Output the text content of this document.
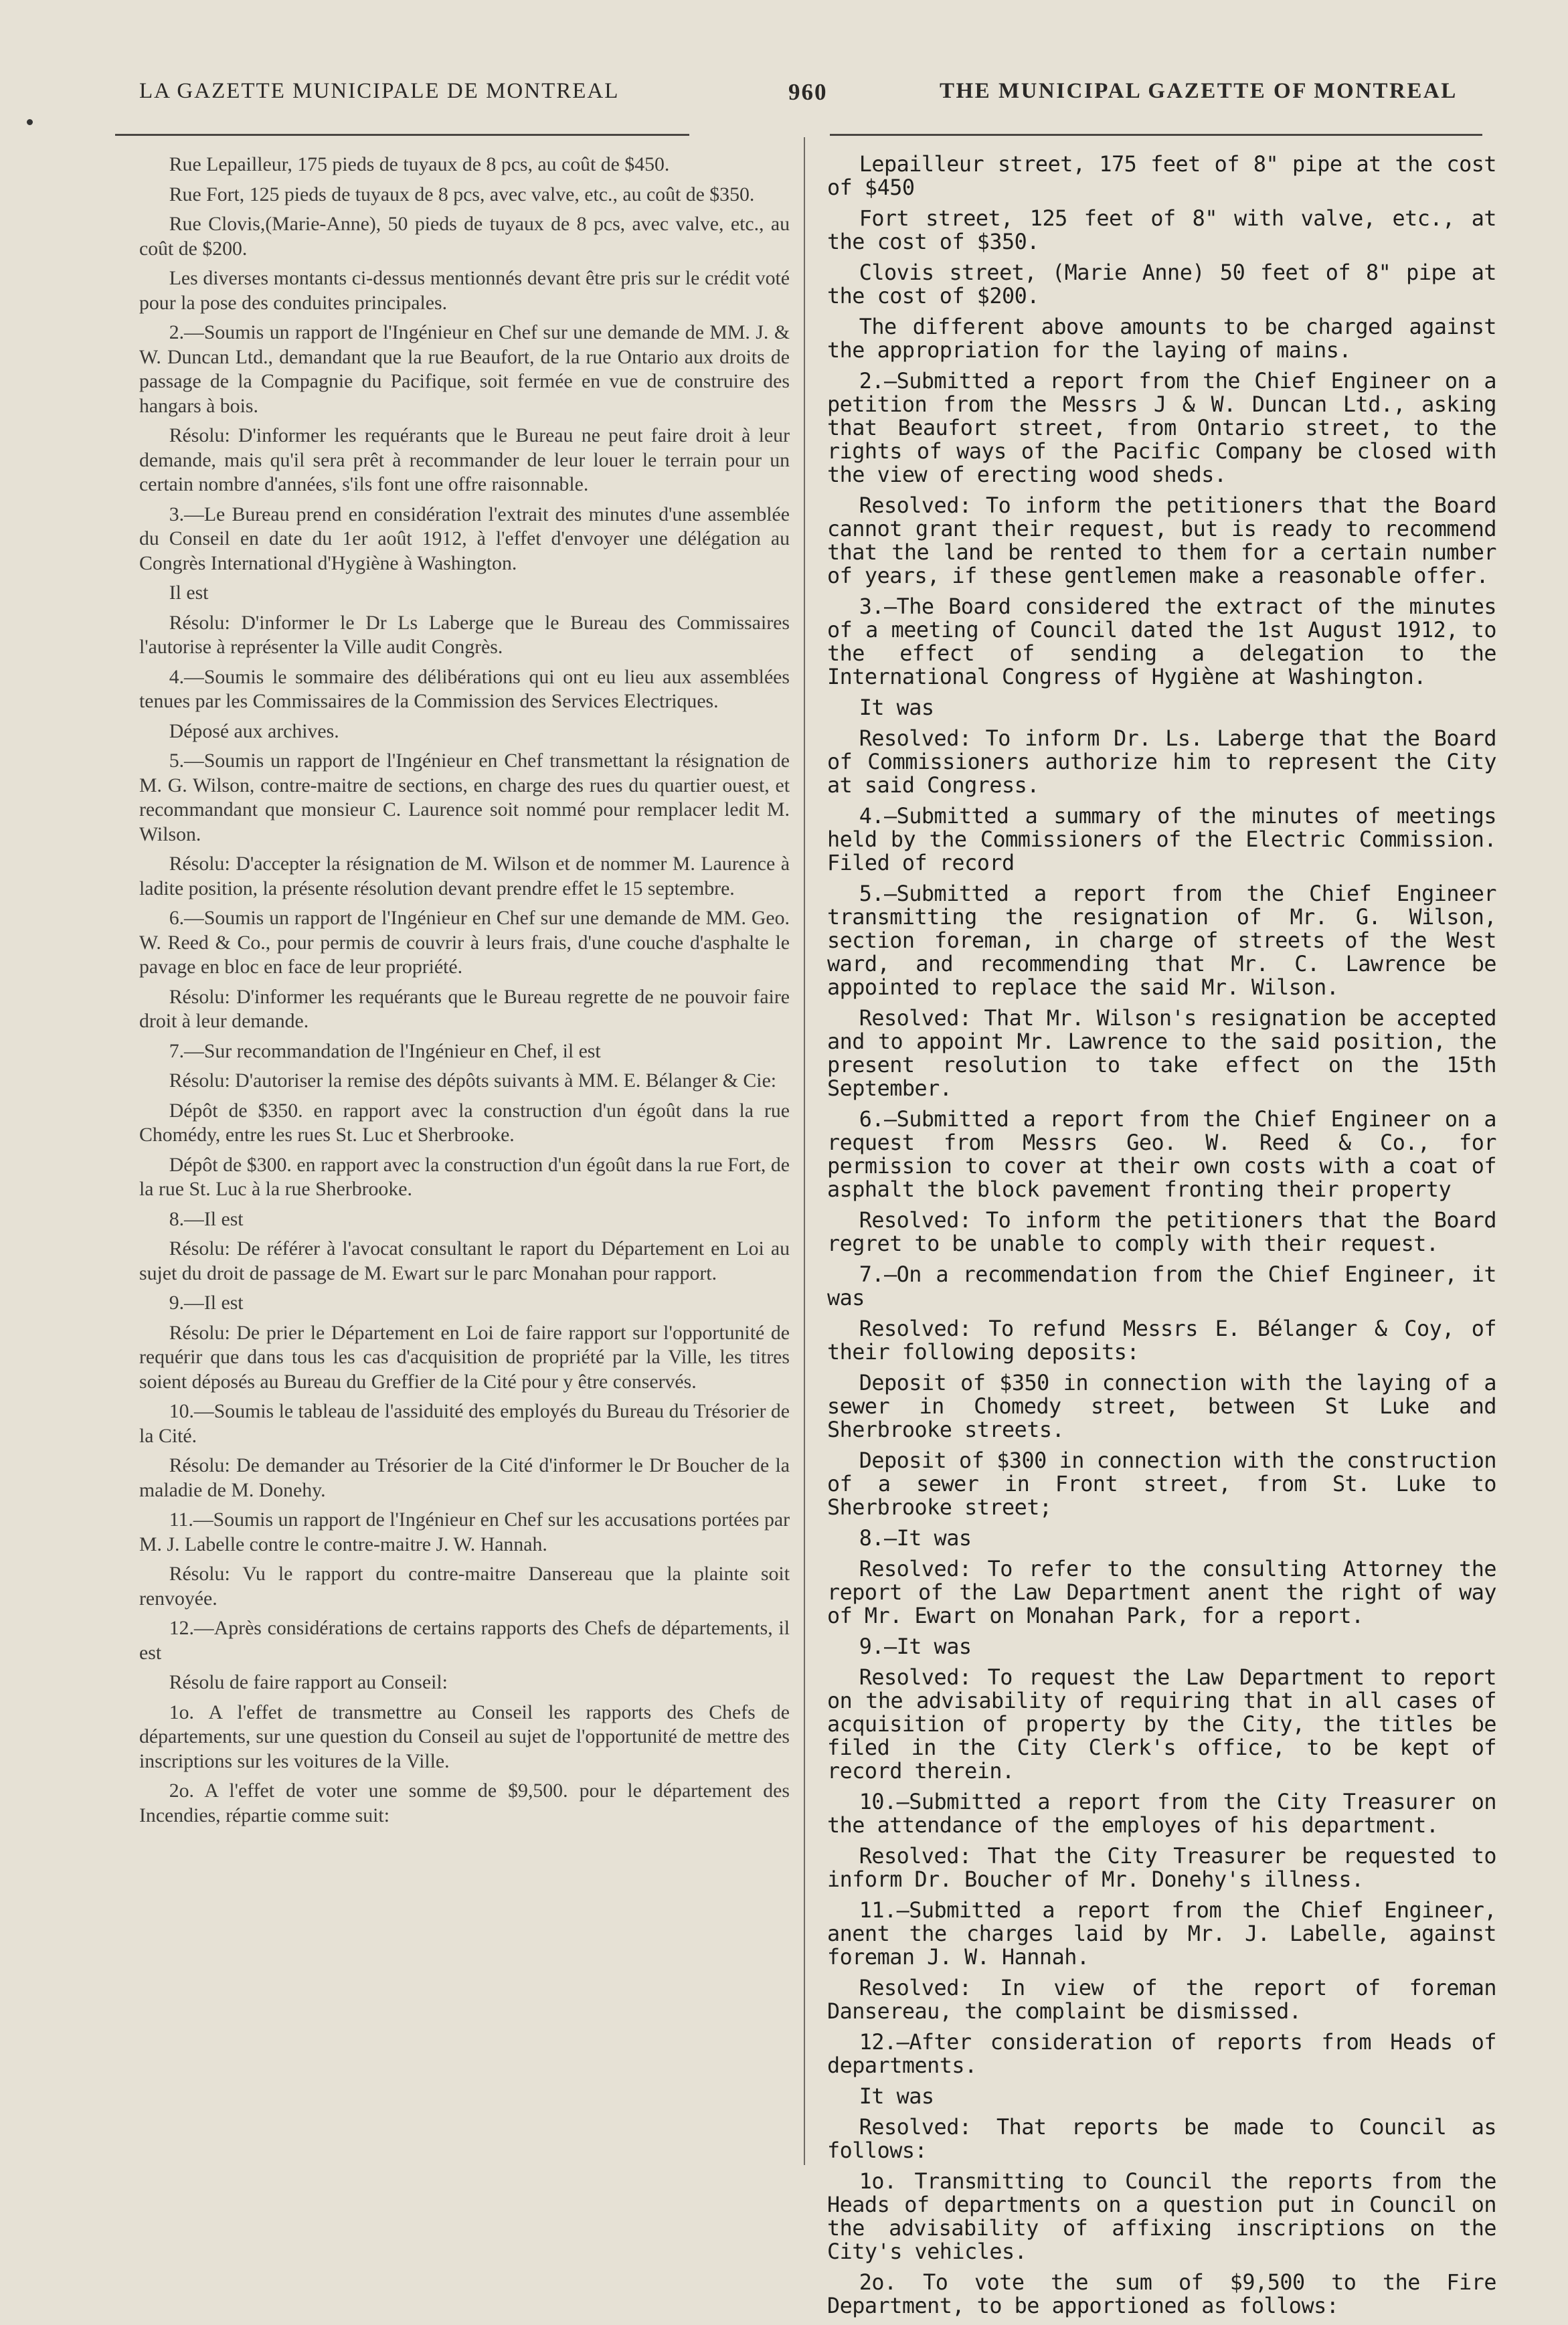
LA GAZETTE MUNICIPALE DE MONTREAL	960	THE MUNICIPAL GAZETTE OF MONTREAL

Rue Lepailleur, 175 pieds de tuyaux de 8 pcs, au coût de $450.

Rue Fort, 125 pieds de tuyaux de 8 pcs, avec valve, etc., au coût de $350.

Rue Clovis,(Marie-Anne), 50 pieds de tuyaux de 8 pcs, avec valve, etc., au coût de $200.

Les diverses montants ci-dessus mentionnés devant être pris sur le crédit voté pour la pose des conduites principales.

2.—Soumis un rapport de l'Ingénieur en Chef sur une demande de MM. J. & W. Duncan Ltd., demandant que la rue Beaufort, de la rue Ontario aux droits de passage de la Compagnie du Pacifique, soit fermée en vue de construire des hangars à bois.

Résolu: D'informer les requérants que le Bureau ne peut faire droit à leur demande, mais qu'il sera prêt à recommander de leur louer le terrain pour un certain nombre d'années, s'ils font une offre raisonnable.

3.—Le Bureau prend en considération l'extrait des minutes d'une assemblée du Conseil en date du 1er août 1912, à l'effet d'envoyer une délégation au Congrès International d'Hygiène à Washington.

Il est

Résolu: D'informer le Dr Ls Laberge que le Bureau des Commissaires l'autorise à représenter la Ville audit Congrès.

4.—Soumis le sommaire des délibérations qui ont eu lieu aux assemblées tenues par les Commissaires de la Commission des Services Electriques.

Déposé aux archives.

5.—Soumis un rapport de l'Ingénieur en Chef transmettant la résignation de M. G. Wilson, contre-maitre de sections, en charge des rues du quartier ouest, et recommandant que monsieur C. Laurence soit nommé pour remplacer ledit M. Wilson.

Résolu: D'accepter la résignation de M. Wilson et de nommer M. Laurence à ladite position, la présente résolution devant prendre effet le 15 septembre.

6.—Soumis un rapport de l'Ingénieur en Chef sur une demande de MM. Geo. W. Reed & Co., pour permis de couvrir à leurs frais, d'une couche d'asphalte le pavage en bloc en face de leur propriété.

Résolu: D'informer les requérants que le Bureau regrette de ne pouvoir faire droit à leur demande.

7.—Sur recommandation de l'Ingénieur en Chef, il est

Résolu: D'autoriser la remise des dépôts suivants à MM. E. Bélanger & Cie:

Dépôt de $350. en rapport avec la construction d'un égoût dans la rue Chomédy, entre les rues St. Luc et Sherbrooke.

Dépôt de $300. en rapport avec la construction d'un égoût dans la rue Fort, de la rue St. Luc à la rue Sherbrooke.

8.—Il est

Résolu: De référer à l'avocat consultant le raport du Département en Loi au sujet du droit de passage de M. Ewart sur le parc Monahan pour rapport.

9.—Il est

Résolu: De prier le Département en Loi de faire rapport sur l'opportunité de requérir que dans tous les cas d'acquisition de propriété par la Ville, les titres soient déposés au Bureau du Greffier de la Cité pour y être conservés.

10.—Soumis le tableau de l'assiduité des employés du Bureau du Trésorier de la Cité.

Résolu: De demander au Trésorier de la Cité d'informer le Dr Boucher de la maladie de M. Donehy.

11.—Soumis un rapport de l'Ingénieur en Chef sur les accusations portées par M. J. Labelle contre le contre-maitre J. W. Hannah.

Résolu: Vu le rapport du contre-maitre Dansereau que la plainte soit renvoyée.

12.—Après considérations de certains rapports des Chefs de départements, il est

Résolu de faire rapport au Conseil:

1o. A l'effet de transmettre au Conseil les rapports des Chefs de départements, sur une question du Conseil au sujet de l'opportunité de mettre des inscriptions sur les voitures de la Ville.

2o. A l'effet de voter une somme de $9,500. pour le département des Incendies, répartie comme suit:

Lepailleur street, 175 feet of 8" pipe at the cost of $450

Fort street, 125 feet of 8" with valve, etc., at the cost of $350.

Clovis street, (Marie Anne) 50 feet of 8" pipe at the cost of $200.

The different above amounts to be charged against the appropriation for the laying of mains.

2.—Submitted a report from the Chief Engineer on a petition from the Messrs J & W. Duncan Ltd., asking that Beaufort street, from Ontario street, to the rights of ways of the Pacific Company be closed with the view of erecting wood sheds.

Resolved: To inform the petitioners that the Board cannot grant their request, but is ready to recommend that the land be rented to them for a certain number of years, if these gentlemen make a reasonable offer.

3.—The Board considered the extract of the minutes of a meeting of Council dated the 1st August 1912, to the effect of sending a delegation to the International Congress of Hygiène at Washington.

It was

Resolved: To inform Dr. Ls. Laberge that the Board of Commissioners authorize him to represent the City at said Congress.

4.—Submitted a summary of the minutes of meetings held by the Commissioners of the Electric Commission. Filed of record

5.—Submitted a report from the Chief Engineer transmitting the resignation of Mr. G. Wilson, section foreman, in charge of streets of the West ward, and recommending that Mr. C. Lawrence be appointed to replace the said Mr. Wilson.

Resolved: That Mr. Wilson's resignation be accepted and to appoint Mr. Lawrence to the said position, the present resolution to take effect on the 15th September.

6.—Submitted a report from the Chief Engineer on a request from Messrs Geo. W. Reed & Co., for permission to cover at their own costs with a coat of asphalt the block pavement fronting their property

Resolved: To inform the petitioners that the Board regret to be unable to comply with their request.

7.—On a recommendation from the Chief Engineer, it was

Resolved: To refund Messrs E. Bélanger & Coy, of their following deposits:

Deposit of $350 in connection with the laying of a sewer in Chomedy street, between St Luke and Sherbrooke streets.

Deposit of $300 in connection with the construction of a sewer in Front street, from St. Luke to Sherbrooke street;

8.—It was

Resolved: To refer to the consulting Attorney the report of the Law Department anent the right of way of Mr. Ewart on Monahan Park, for a report.

9.—It was

Resolved: To request the Law Department to report on the advisability of requiring that in all cases of acquisition of property by the City, the titles be filed in the City Clerk's office, to be kept of record therein.

10.—Submitted a report from the City Treasurer on the attendance of the employes of his department.

Resolved: That the City Treasurer be requested to inform Dr. Boucher of Mr. Donehy's illness.

11.—Submitted a report from the Chief Engineer, anent the charges laid by Mr. J. Labelle, against foreman J. W. Hannah.

Resolved: In view of the report of foreman Dansereau, the complaint be dismissed.

12.—After consideration of reports from Heads of departments.

It was

Resolved: That reports be made to Council as follows:

1o. Transmitting to Council the reports from the Heads of departments on a question put in Council on the advisability of affixing inscriptions on the City's vehicles.

2o. To vote the sum of $9,500 to the Fire Department, to be apportioned as follows:
